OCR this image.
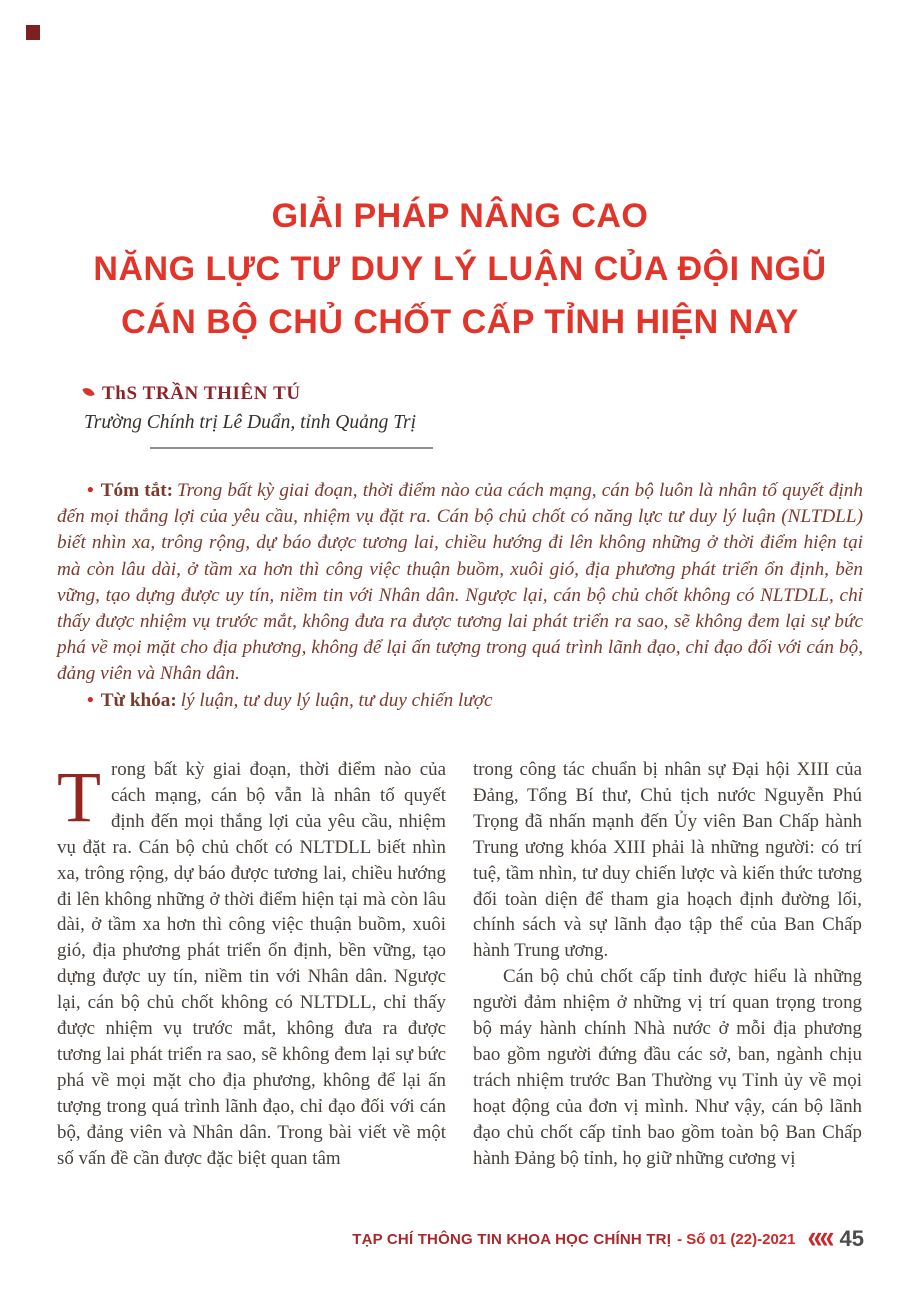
GIẢI PHÁP NÂNG CAO
NĂNG LỰC TƯ DUY LÝ LUẬN CỦA ĐỘI NGŨ
CÁN BỘ CHỦ CHỐT CẤP TỈNH HIỆN NAY
ThS TRẦN THIÊN TÚ
Trường Chính trị Lê Duẩn, tỉnh Quảng Trị

• Tóm tắt: Trong bất kỳ giai đoạn, thời điểm nào của cách mạng, cán bộ luôn là nhân tố quyết định đến mọi thắng lợi của yêu cầu, nhiệm vụ đặt ra. Cán bộ chủ chốt có năng lực tư duy lý luận (NLTDLL) biết nhìn xa, trông rộng, dự báo được tương lai, chiều hướng đi lên không những ở thời điểm hiện tại mà còn lâu dài, ở tầm xa hơn thì công việc thuận buồm, xuôi gió, địa phương phát triển ổn định, bền vững, tạo dựng được uy tín, niềm tin với Nhân dân. Ngược lại, cán bộ chủ chốt không có NLTDLL, chỉ thấy được nhiệm vụ trước mắt, không đưa ra được tương lai phát triển ra sao, sẽ không đem lại sự bức phá về mọi mặt cho địa phương, không để lại ấn tượng trong quá trình lãnh đạo, chỉ đạo đối với cán bộ, đảng viên và Nhân dân.

• Từ khóa: lý luận, tư duy lý luận, tư duy chiến lược

Trong bất kỳ giai đoạn, thời điểm nào của cách mạng, cán bộ vẫn là nhân tố quyết định đến mọi thắng lợi của yêu cầu, nhiệm vụ đặt ra. Cán bộ chủ chốt có NLTDLL biết nhìn xa, trông rộng, dự báo được tương lai, chiều hướng đi lên không những ở thời điểm hiện tại mà còn lâu dài, ở tầm xa hơn thì công việc thuận buồm, xuôi gió, địa phương phát triển ổn định, bền vững, tạo dựng được uy tín, niềm tin với Nhân dân. Ngược lại, cán bộ chủ chốt không có NLTDLL, chỉ thấy được nhiệm vụ trước mắt, không đưa ra được tương lai phát triển ra sao, sẽ không đem lại sự bức phá về mọi mặt cho địa phương, không để lại ấn tượng trong quá trình lãnh đạo, chỉ đạo đối với cán bộ, đảng viên và Nhân dân. Trong bài viết về một số vấn đề cần được đặc biệt quan tâm

trong công tác chuẩn bị nhân sự Đại hội XIII của Đảng, Tổng Bí thư, Chủ tịch nước Nguyễn Phú Trọng đã nhấn mạnh đến Ủy viên Ban Chấp hành Trung ương khóa XIII phải là những người: có trí tuệ, tầm nhìn, tư duy chiến lược và kiến thức tương đối toàn diện để tham gia hoạch định đường lối, chính sách và sự lãnh đạo tập thể của Ban Chấp hành Trung ương.

Cán bộ chủ chốt cấp tỉnh được hiểu là những người đảm nhiệm ở những vị trí quan trọng trong bộ máy hành chính Nhà nước ở mỗi địa phương bao gồm người đứng đầu các sở, ban, ngành chịu trách nhiệm trước Ban Thường vụ Tỉnh ủy về mọi hoạt động của đơn vị mình. Như vậy, cán bộ lãnh đạo chủ chốt cấp tỉnh bao gồm toàn bộ Ban Chấp hành Đảng bộ tỉnh, họ giữ những cương vị

TẠP CHÍ THÔNG TIN KHOA HỌC CHÍNH TRỊ - Số 01 (22)-2021 «« 45
